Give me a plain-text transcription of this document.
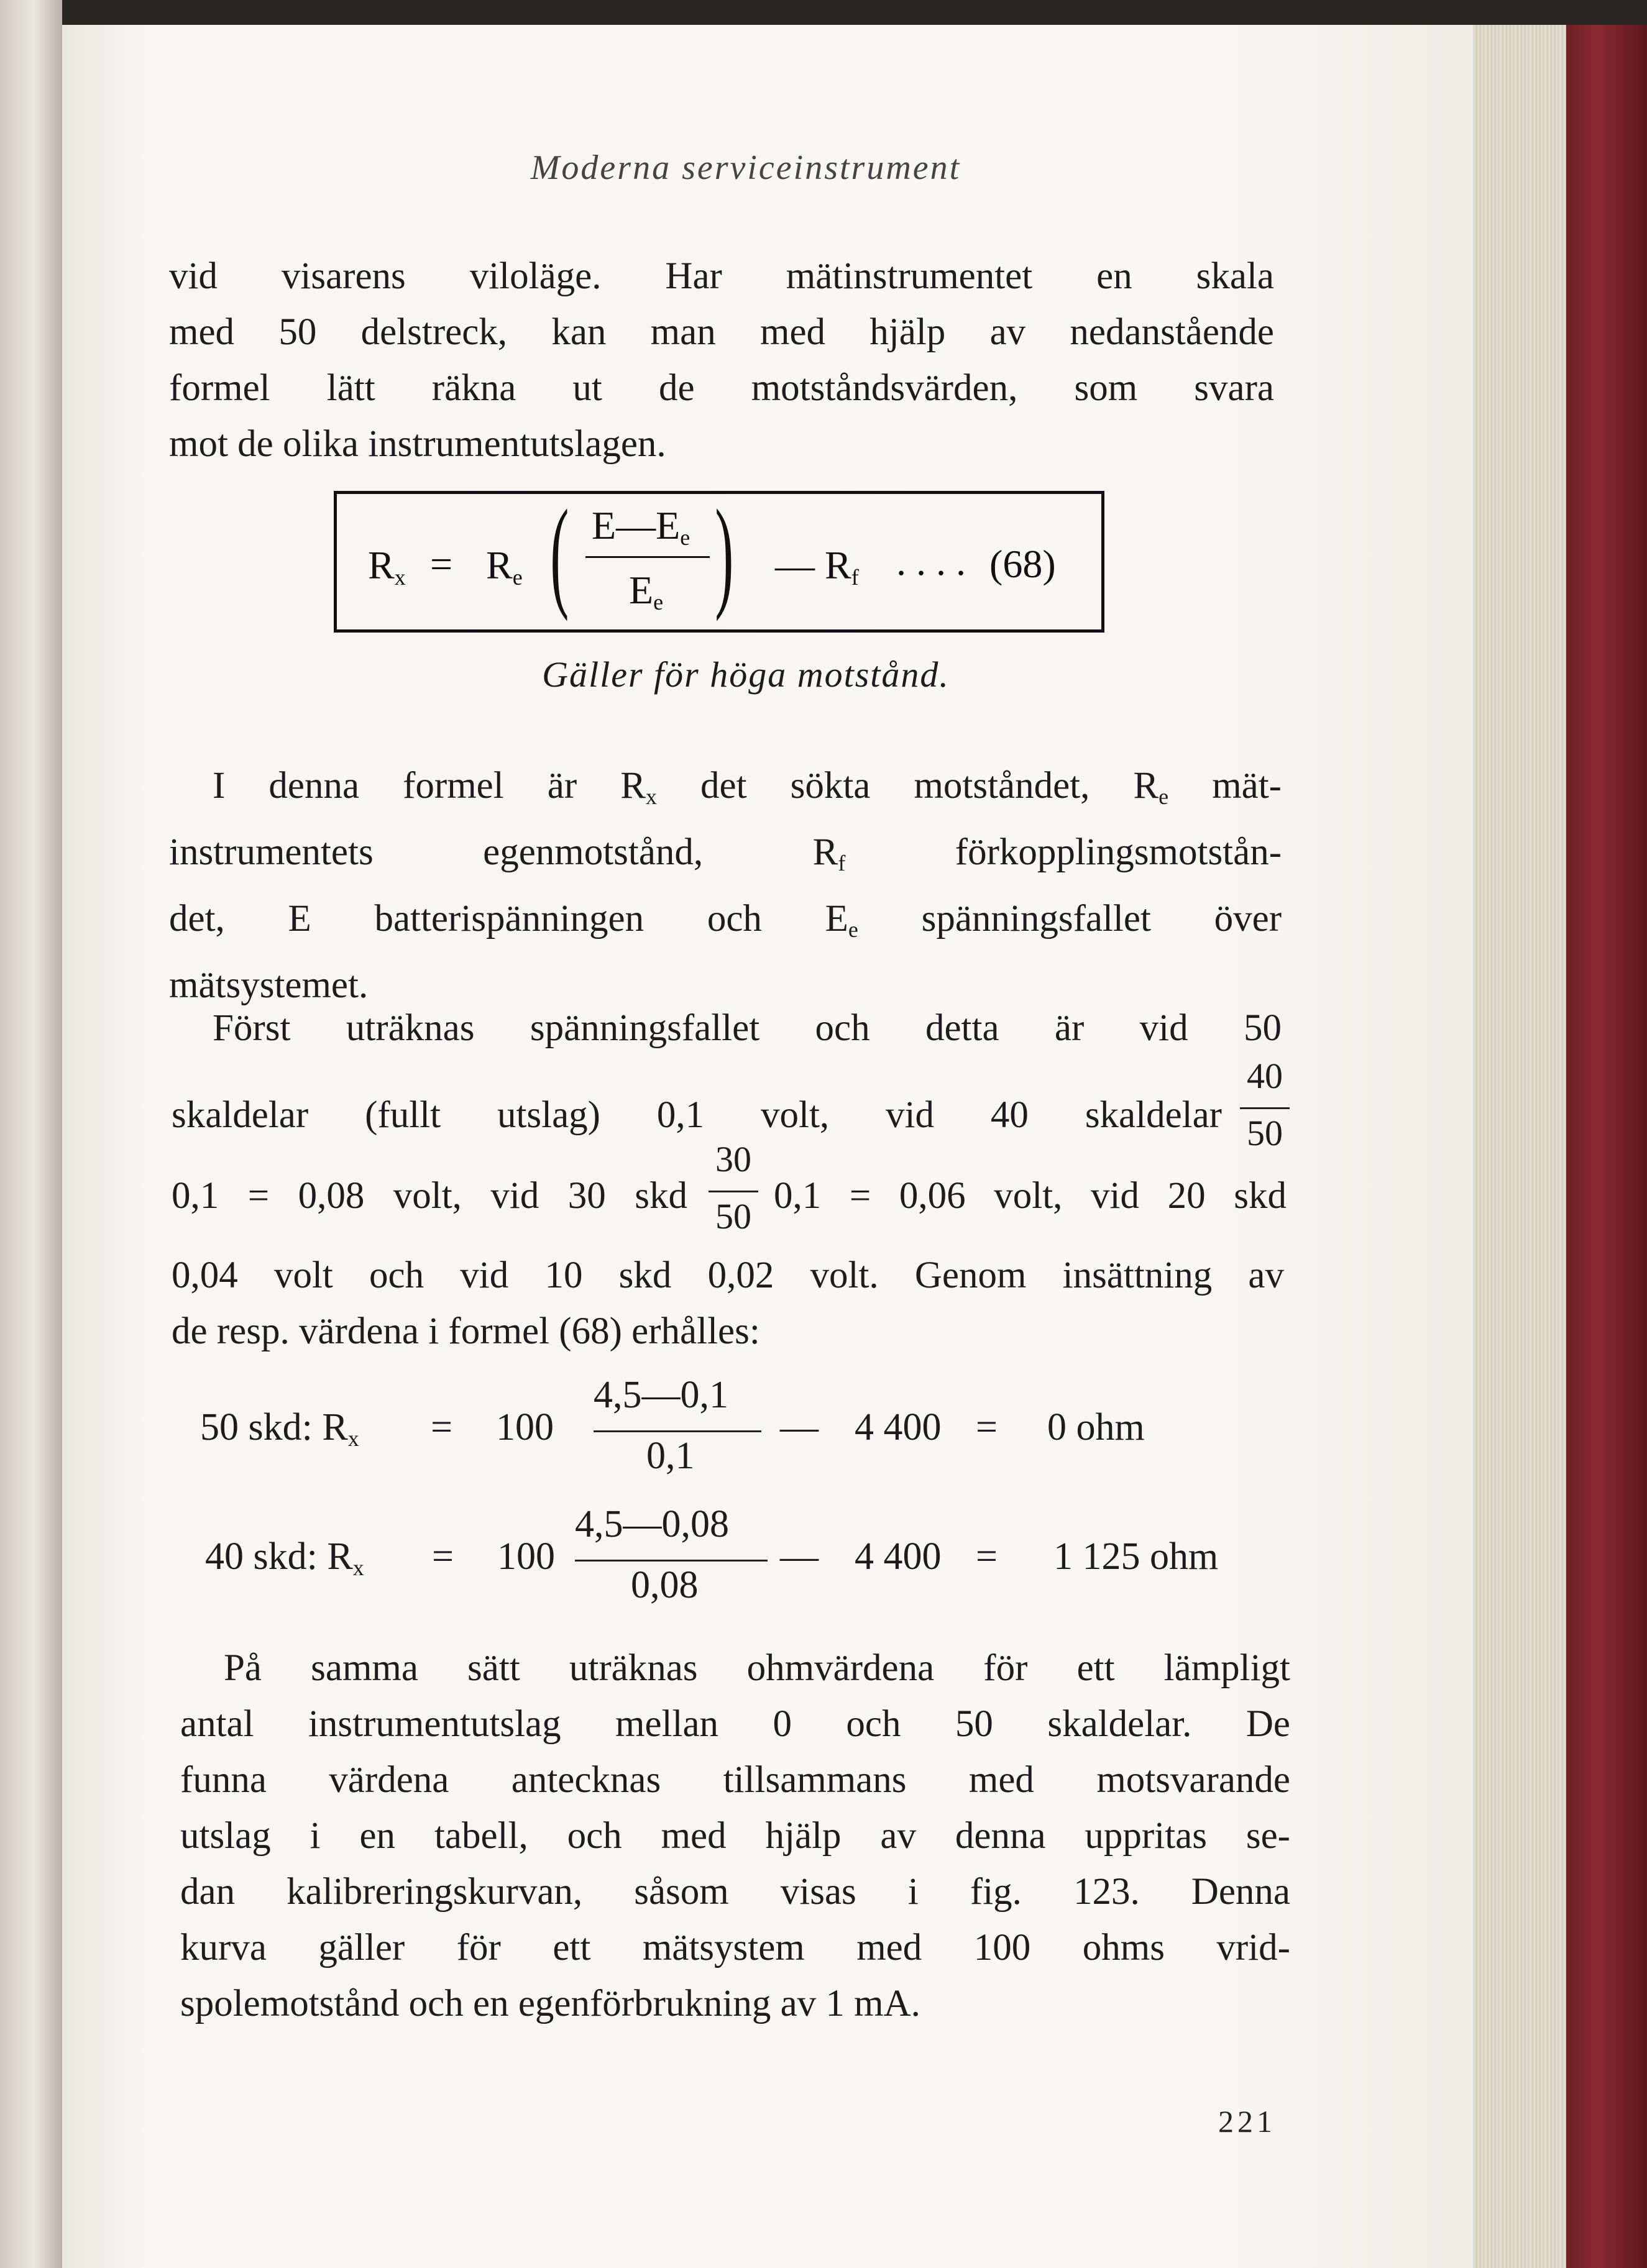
Moderna serviceinstrument

vid visarens viloläge. Har mätinstrumentet en skala
med 50 delstreck, kan man med hjälp av nedanstående
formel lätt räkna ut de motståndsvärden, som svara
mot de olika instrumentutslagen.

$R_x = R_e$ ( $E—E_e$
$E_e$ ) — $R_f$ . . . . (68)
Gäller för höga motstånd.

I denna formel är $R_x$ det sökta motståndet, $R_e$ mät-
instrumentets egenmotstånd, $R_f$	förkopplingsmotstån-
det, E batterispänningen och $E_e$ spänningsfallet över
mätsystemet.

Först uträknas spänningsfallet och detta är vid 50
skaldelar (fullt utslag) 0,1 volt, vid 40 skaldelar
40
50
0,1 = 0,08 volt, vid 30 skd
30
50 0,1 = 0,06 volt, vid 20 skd
0,04 volt och vid 10 skd 0,02 volt. Genom insättning av
de resp. värdena i formel (68) erhålles:
50 skd: $R_x = 100$
4,5—0,1
0,1
— 4 400 = 0 ohm
40 skd: $R_x = 100$
4,5—0,08
0,08
— 4 400 = 1 125 ohm

På samma sätt uträknas ohmvärdena för ett lämpligt
antal instrumentutslag mellan 0 och 50 skaldelar. De
funna värdena antecknas tillsammans med motsvarande
utslag i en tabell, och med hjälp av denna uppritas se-
dan kalibreringskurvan, såsom visas i fig. 123. Denna
kurva gäller för ett mätsystem med 100 ohms vrid-
spolemotstånd och en egenförbrukning av 1 mA.

221
